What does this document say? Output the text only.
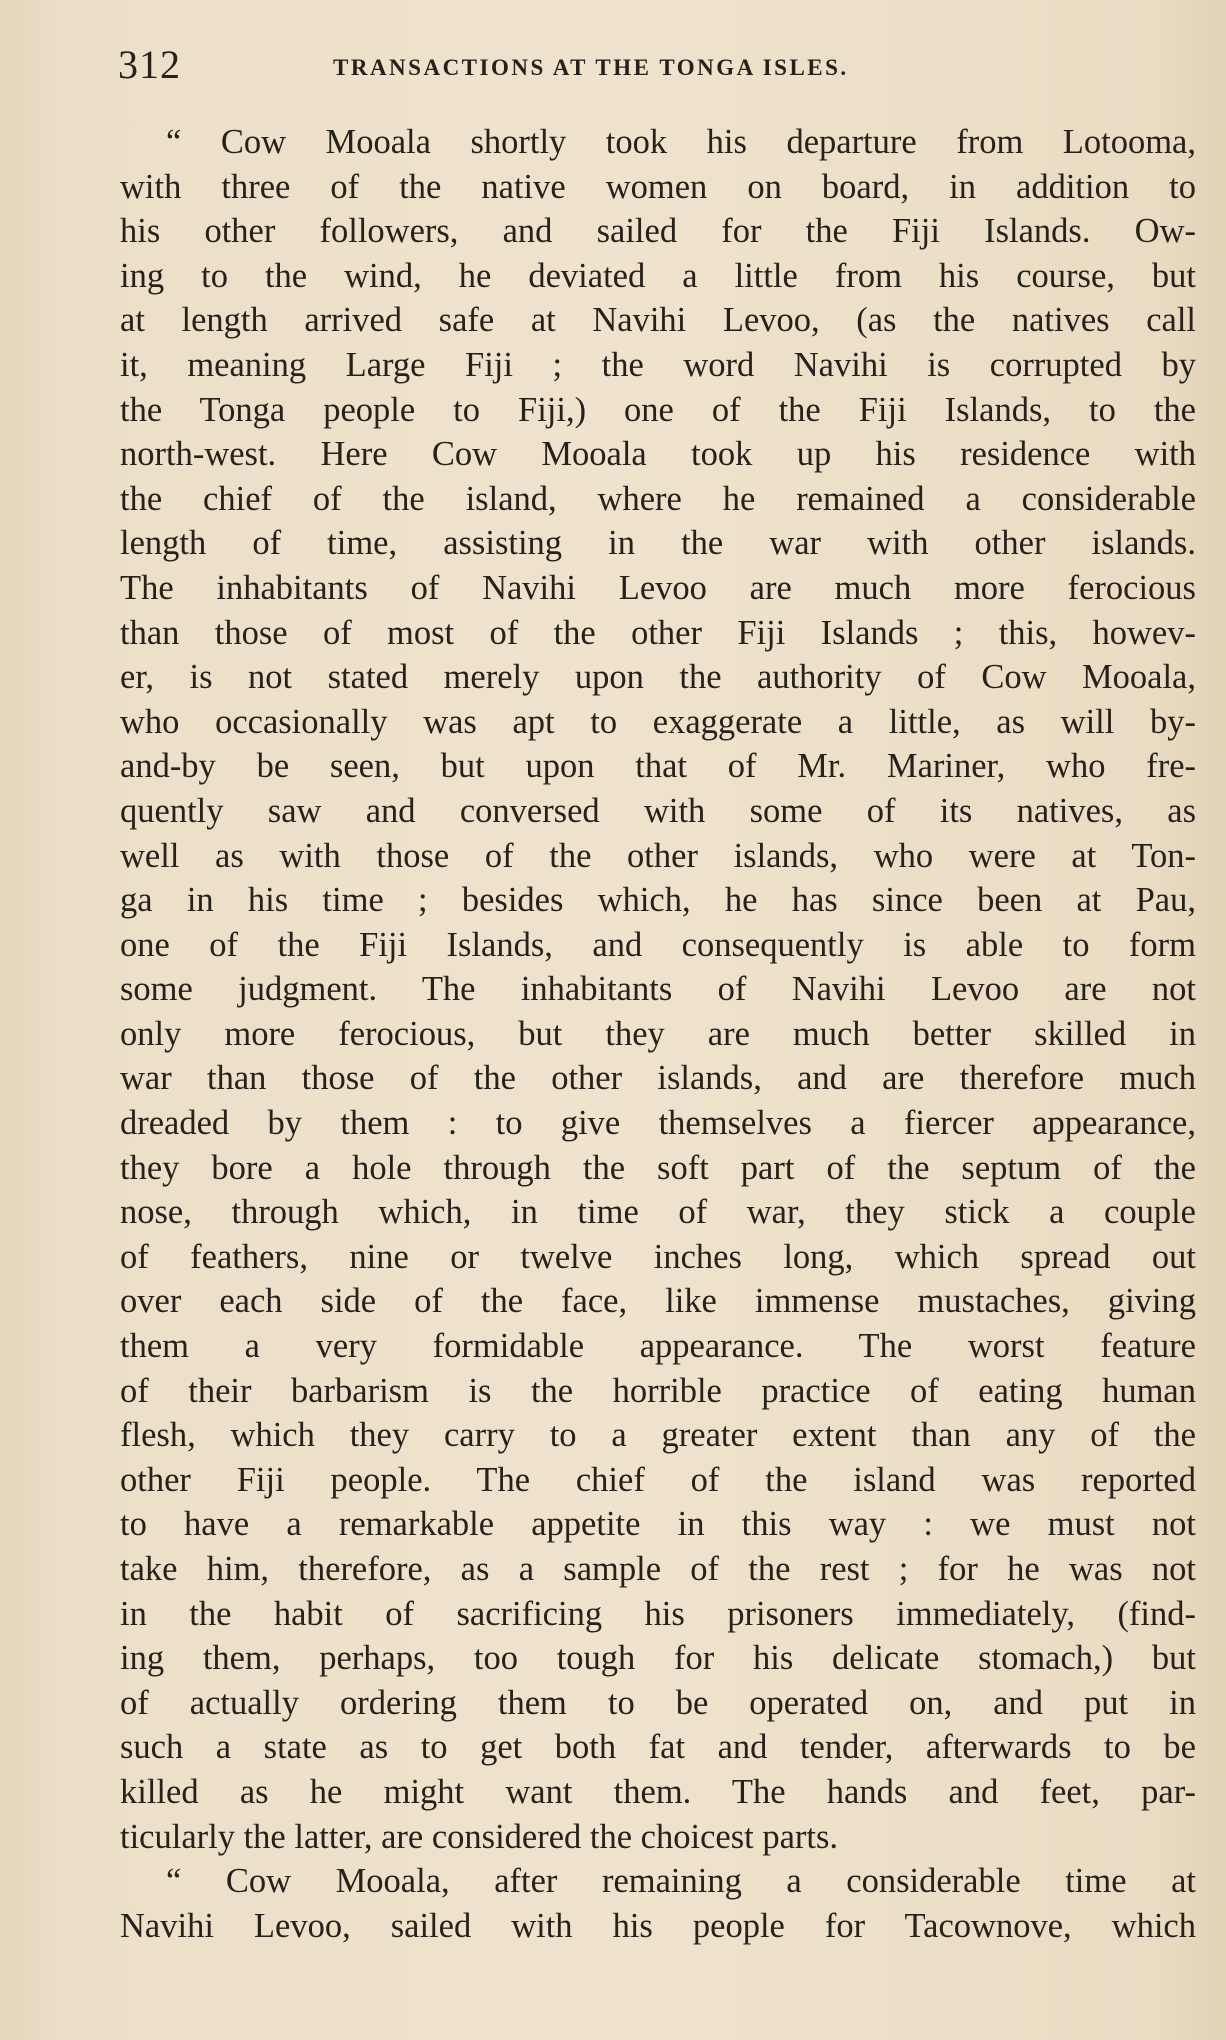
312	TRANSACTIONS AT THE TONGA ISLES.
“ Cow Mooala shortly took his departure from Lotooma,
with three of the native women on board, in addition to
his other followers, and sailed for the Fiji Islands. Ow-
ing to the wind, he deviated a little from his course, but
at length arrived safe at Navihi Levoo, (as the natives call
it, meaning Large Fiji ; the word Navihi is corrupted by
the Tonga people to Fiji,) one of the Fiji Islands, to the
north-west. Here Cow Mooala took up his residence with
the chief of the island, where he remained a considerable
length of time, assisting in the war with other islands.
The inhabitants of Navihi Levoo are much more ferocious
than those of most of the other Fiji Islands ; this, howev-
er, is not stated merely upon the authority of Cow Mooala,
who occasionally was apt to exaggerate a little, as will by-
and-by be seen, but upon that of Mr. Mariner, who fre-
quently saw and conversed with some of its natives, as
well as with those of the other islands, who were at Ton-
ga in his time ; besides which, he has since been at Pau,
one of the Fiji Islands, and consequently is able to form
some judgment. The inhabitants of Navihi Levoo are not
only more ferocious, but they are much better skilled in
war than those of the other islands, and are therefore much
dreaded by them : to give themselves a fiercer appearance,
they bore a hole through the soft part of the septum of the
nose, through which, in time of war, they stick a couple
of feathers, nine or twelve inches long, which spread out
over each side of the face, like immense mustaches, giving
them a very formidable appearance. The worst feature
of their barbarism is the horrible practice of eating human
flesh, which they carry to a greater extent than any of the
other Fiji people. The chief of the island was reported
to have a remarkable appetite in this way : we must not
take him, therefore, as a sample of the rest ; for he was not
in the habit of sacrificing his prisoners immediately, (find-
ing them, perhaps, too tough for his delicate stomach,) but
of actually ordering them to be operated on, and put in
such a state as to get both fat and tender, afterwards to be
killed as he might want them. The hands and feet, par-
ticularly the latter, are considered the choicest parts.
“ Cow Mooala, after remaining a considerable time at
Navihi Levoo, sailed with his people for Tacownove, which
